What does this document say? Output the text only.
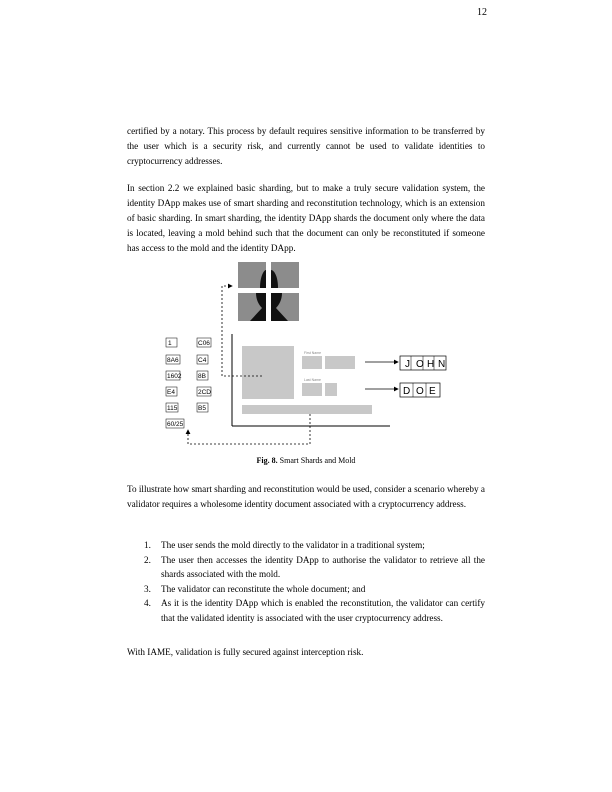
12

certified by a notary. This process by default requires sensitive information to be transferred by the user which is a security risk, and currently cannot be used to validate identities to cryptocurrency addresses.

In section 2.2 we explained basic sharding, but to make a truly secure validation system, the identity DApp makes use of smart sharding and reconstitution technology, which is an extension of basic sharding. In smart sharding, the identity DApp shards the document only where the data is located, leaving a mold behind such that the document can only be reconstituted if someone has access to the mold and the identity DApp.

First Name
Last Name
J O H N
D O E
1	C06
8A6	C4
1602	8B
E4	2CD
115	B5
60/25
Fig. 8. Smart Shards and Mold

To illustrate how smart sharding and reconstitution would be used, consider a scenario whereby a validator requires a wholesome identity document associated with a cryptocurrency address.

1. The user sends the mold directly to the validator in a traditional system;
2. The user then accesses the identity DApp to authorise the validator to retrieve all the shards associated with the mold.
3. The validator can reconstitute the whole document; and
4. As it is the identity DApp which is enabled the reconstitution, the validator can certify that the validated identity is associated with the user cryptocurrency address.

With IAME, validation is fully secured against interception risk.
